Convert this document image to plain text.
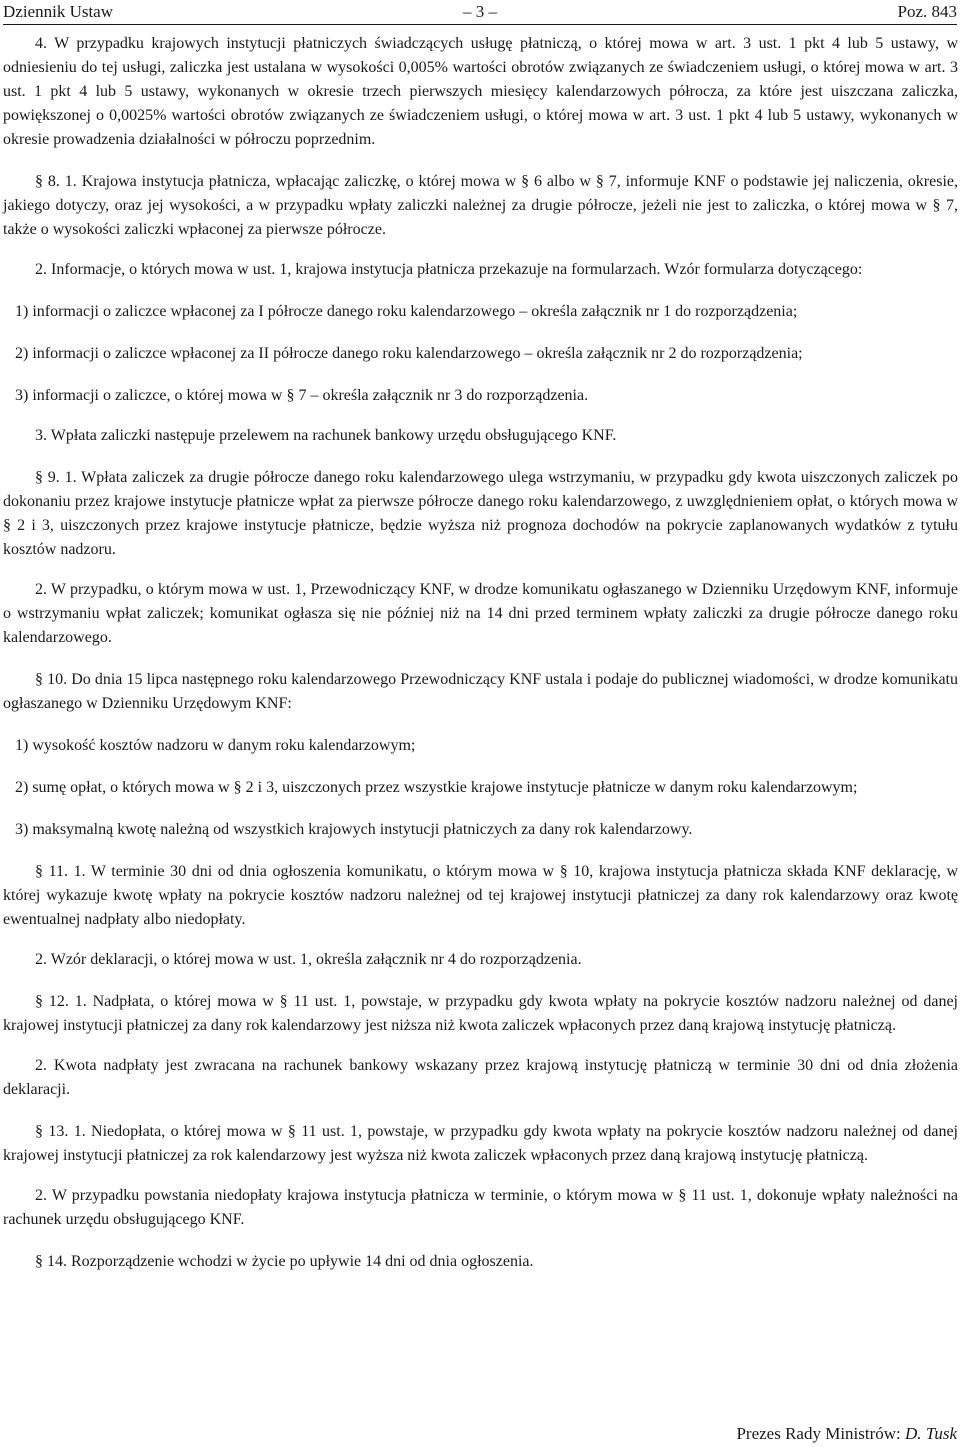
– 3 –
Dziennik Ustaw	Poz. 843

4. W przypadku krajowych instytucji płatniczych świadczących usługę płatniczą, o której mowa w art. 3 ust. 1 pkt 4 lub 5 ustawy, w odniesieniu do tej usługi, zaliczka jest ustalana w wysokości 0,005% wartości obrotów związanych ze świadczeniem usługi, o której mowa w art. 3 ust. 1 pkt 4 lub 5 ustawy, wykonanych w okresie trzech pierwszych miesięcy kalendarzowych półrocza, za które jest uiszczana zaliczka, powiększonej o 0,0025% wartości obrotów związanych ze świadczeniem usługi, o której mowa w art. 3 ust. 1 pkt 4 lub 5 ustawy, wykonanych w okresie prowadzenia działalności w półroczu poprzednim.

§ 8. 1. Krajowa instytucja płatnicza, wpłacając zaliczkę, o której mowa w § 6 albo w § 7, informuje KNF o podstawie jej naliczenia, okresie, jakiego dotyczy, oraz jej wysokości, a w przypadku wpłaty zaliczki należnej za drugie półrocze, jeżeli nie jest to zaliczka, o której mowa w § 7, także o wysokości zaliczki wpłaconej za pierwsze półrocze.

2. Informacje, o których mowa w ust. 1, krajowa instytucja płatnicza przekazuje na formularzach. Wzór formularza dotyczącego:

1) informacji o zaliczce wpłaconej za I półrocze danego roku kalendarzowego – określa załącznik nr 1 do rozporządzenia;

2) informacji o zaliczce wpłaconej za II półrocze danego roku kalendarzowego – określa załącznik nr 2 do rozporządzenia;

3) informacji o zaliczce, o której mowa w § 7 – określa załącznik nr 3 do rozporządzenia.

3. Wpłata zaliczki następuje przelewem na rachunek bankowy urzędu obsługującego KNF.

§ 9. 1. Wpłata zaliczek za drugie półrocze danego roku kalendarzowego ulega wstrzymaniu, w przypadku gdy kwota uiszczonych zaliczek po dokonaniu przez krajowe instytucje płatnicze wpłat za pierwsze półrocze danego roku kalendarzowego, z uwzględnieniem opłat, o których mowa w § 2 i 3, uiszczonych przez krajowe instytucje płatnicze, będzie wyższa niż prognoza dochodów na pokrycie zaplanowanych wydatków z tytułu kosztów nadzoru.

2. W przypadku, o którym mowa w ust. 1, Przewodniczący KNF, w drodze komunikatu ogłaszanego w Dzienniku Urzędowym KNF, informuje o wstrzymaniu wpłat zaliczek; komunikat ogłasza się nie później niż na 14 dni przed terminem wpłaty zaliczki za drugie półrocze danego roku kalendarzowego.

§ 10. Do dnia 15 lipca następnego roku kalendarzowego Przewodniczący KNF ustala i podaje do publicznej wiadomości, w drodze komunikatu ogłaszanego w Dzienniku Urzędowym KNF:

1) wysokość kosztów nadzoru w danym roku kalendarzowym;

2) sumę opłat, o których mowa w § 2 i 3, uiszczonych przez wszystkie krajowe instytucje płatnicze w danym roku kalendarzowym;

3) maksymalną kwotę należną od wszystkich krajowych instytucji płatniczych za dany rok kalendarzowy.

§ 11. 1. W terminie 30 dni od dnia ogłoszenia komunikatu, o którym mowa w § 10, krajowa instytucja płatnicza składa KNF deklarację, w której wykazuje kwotę wpłaty na pokrycie kosztów nadzoru należnej od tej krajowej instytucji płatniczej za dany rok kalendarzowy oraz kwotę ewentualnej nadpłaty albo niedopłaty.

2. Wzór deklaracji, o której mowa w ust. 1, określa załącznik nr 4 do rozporządzenia.

§ 12. 1. Nadpłata, o której mowa w § 11 ust. 1, powstaje, w przypadku gdy kwota wpłaty na pokrycie kosztów nadzoru należnej od danej krajowej instytucji płatniczej za dany rok kalendarzowy jest niższa niż kwota zaliczek wpłaconych przez daną krajową instytucję płatniczą.

2. Kwota nadpłaty jest zwracana na rachunek bankowy wskazany przez krajową instytucję płatniczą w terminie 30 dni od dnia złożenia deklaracji.

§ 13. 1. Niedopłata, o której mowa w § 11 ust. 1, powstaje, w przypadku gdy kwota wpłaty na pokrycie kosztów nadzoru należnej od danej krajowej instytucji płatniczej za rok kalendarzowy jest wyższa niż kwota zaliczek wpłaconych przez daną krajową instytucję płatniczą.

2. W przypadku powstania niedopłaty krajowa instytucja płatnicza w terminie, o którym mowa w § 11 ust. 1, dokonuje wpłaty należności na rachunek urzędu obsługującego KNF.

§ 14. Rozporządzenie wchodzi w życie po upływie 14 dni od dnia ogłoszenia.

Prezes Rady Ministrów: D. Tusk
